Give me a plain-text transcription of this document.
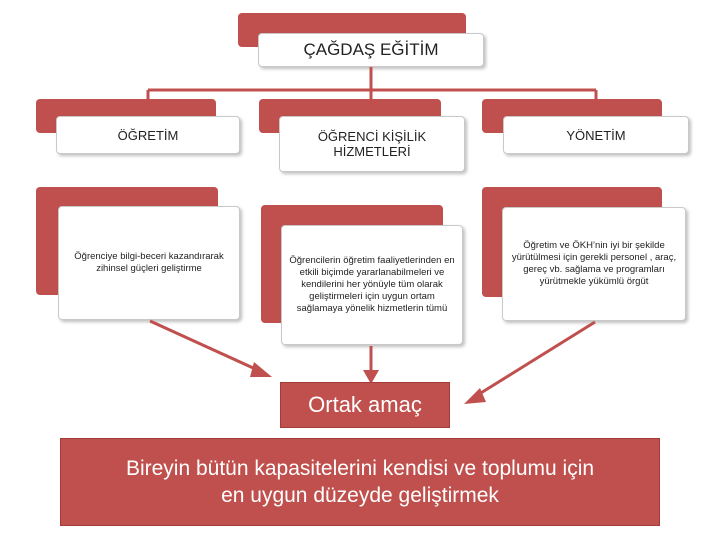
ÇAĞDAŞ EĞİTİM
ÖĞRETİM	ÖĞRENCİ KİŞİLİK HİZMETLERİ
YÖNETİM
Öğrenciye bilgi-beceri kazandırarak zihinsel güçleri geliştirme
Öğrencilerin öğretim faaliyetlerinden en etkili biçimde yararlanabilmeleri ve kendilerini her yönüyle tüm olarak geliştirmeleri için uygun ortam sağlamaya yönelik hizmetlerin tümü
Öğretim ve ÖKH’nin iyi bir şekilde yürütülmesi için gerekli personel , araç, gereç vb. sağlama ve programları yürütmekle yükümlü örgüt
Ortak amaç
Bireyin bütün kapasitelerini kendisi ve toplumu için
en uygun düzeyde geliştirmek
